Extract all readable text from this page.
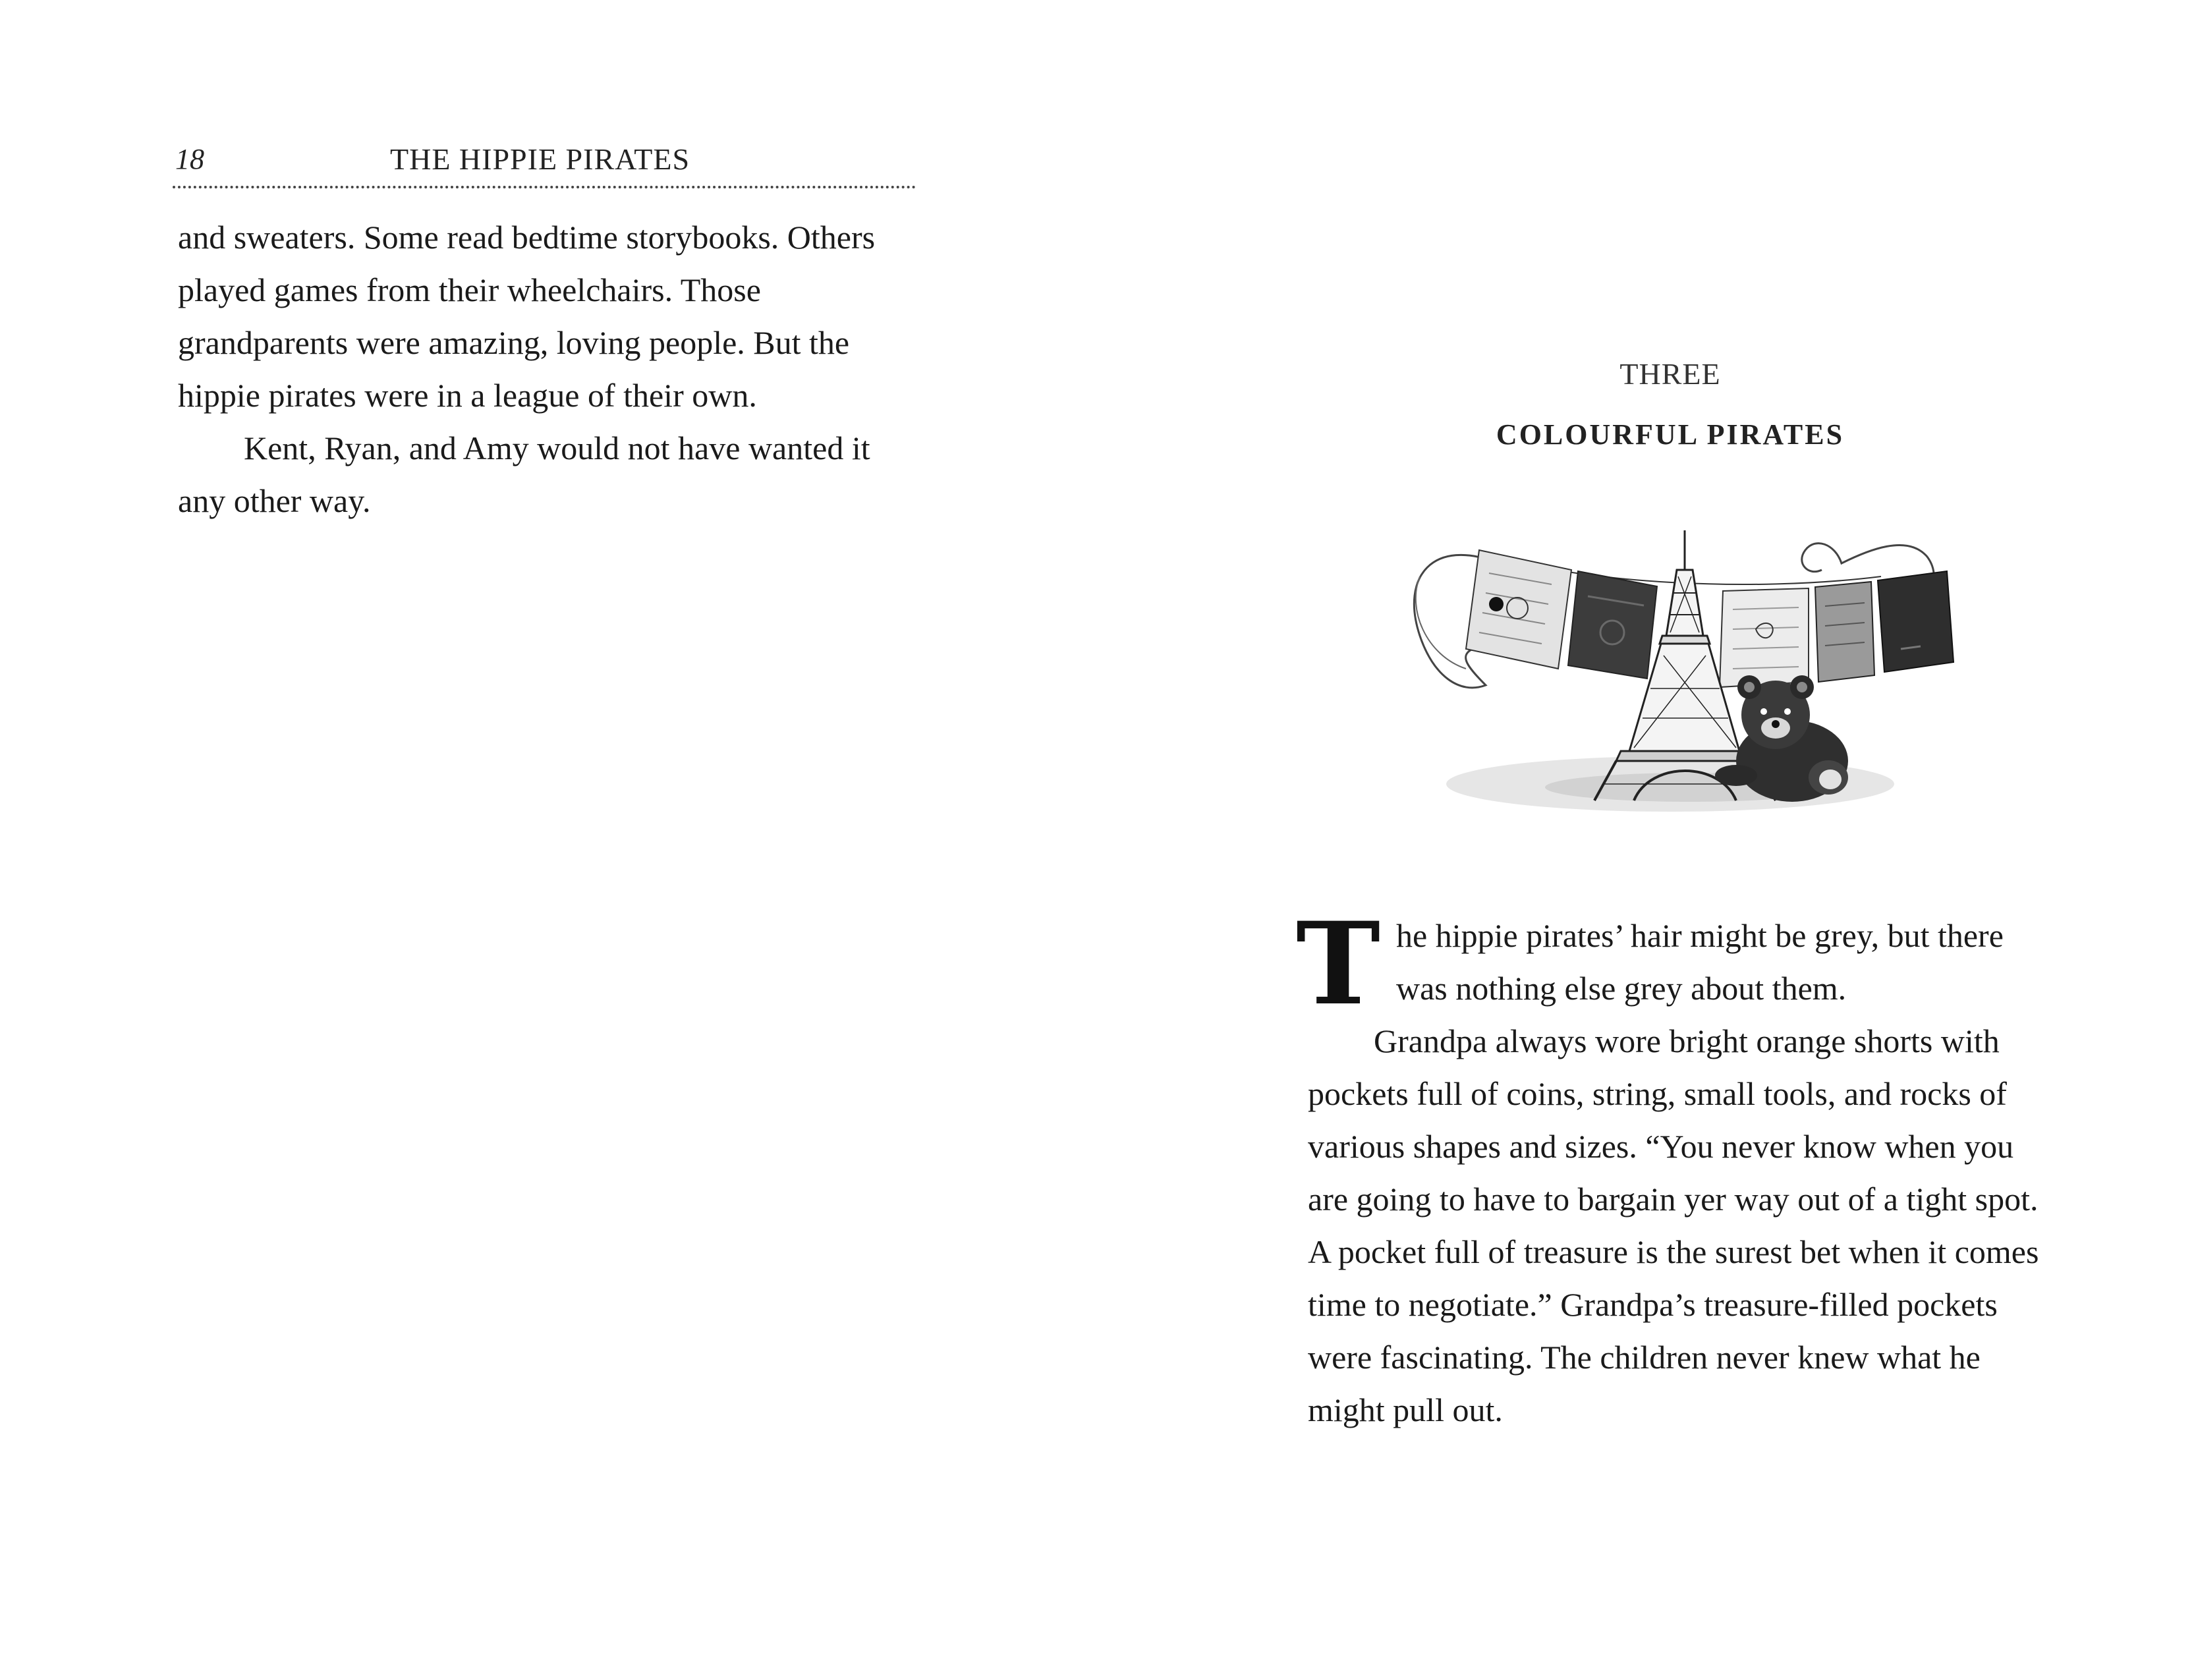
18	THE HIPPIE PIRATES

and sweaters. Some read bedtime storybooks. Others played games from their wheelchairs. Those grandparents were amazing, loving people. But the hippie pirates were in a league of their own.

Kent, Ryan, and Amy would not have wanted it any other way.

THREE
COLOURFUL PIRATES

The hippie pirates’ hair might be grey, but there was nothing else grey about them.

Grandpa always wore bright orange shorts with pockets full of coins, string, small tools, and rocks of various shapes and sizes. “You never know when you are going to have to bargain yer way out of a tight spot. A pocket full of treasure is the surest bet when it comes time to negotiate.” Grandpa’s treasure-filled pockets were fascinating. The children never knew what he might pull out.
